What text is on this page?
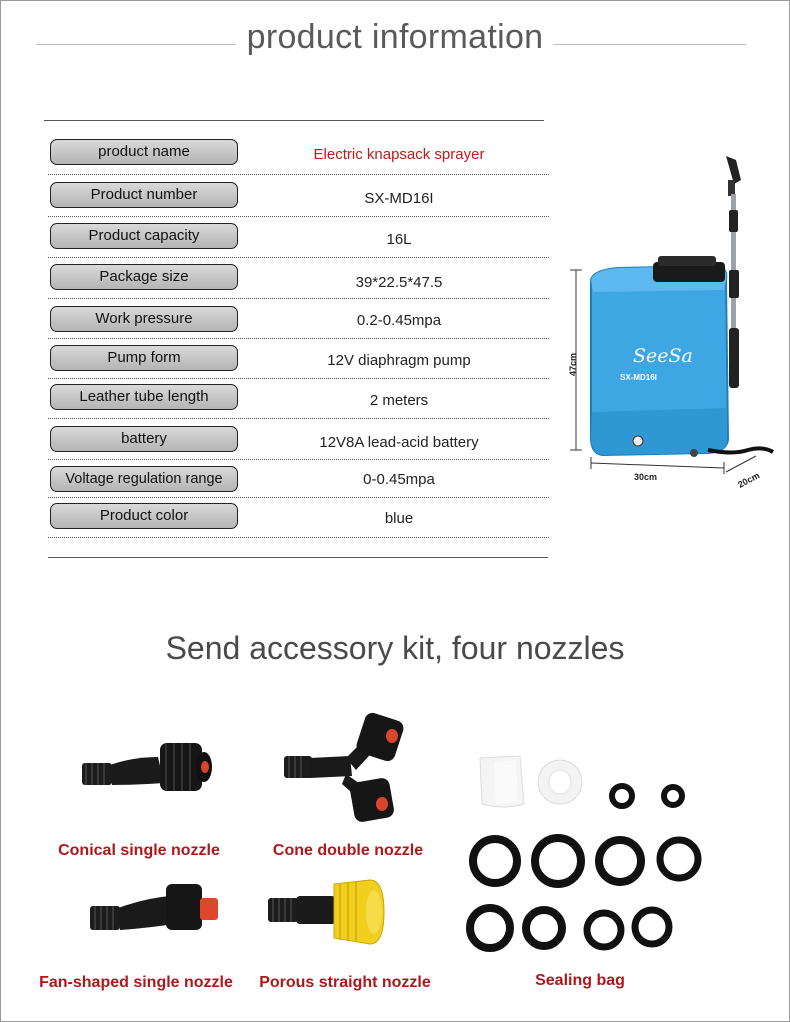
product information
product name	Electric knapsack sprayer
Product number	SX-MD16I
Product capacity	16L
Package size	39*22.5*47.5
Work pressure	0.2-0.45mpa
Pump form	12V diaphragm pump
Leather tube length	2 meters
battery	12V8A lead-acid battery
Voltage regulation range	0-0.45mpa
Product color	blue
SeeSa
SX-MD16I
47cm
30cm	20cm
Send accessory kit, four nozzles
Conical single nozzle	Cone double nozzle
Fan-shaped single nozzle	Porous straight nozzle	Sealing bag
